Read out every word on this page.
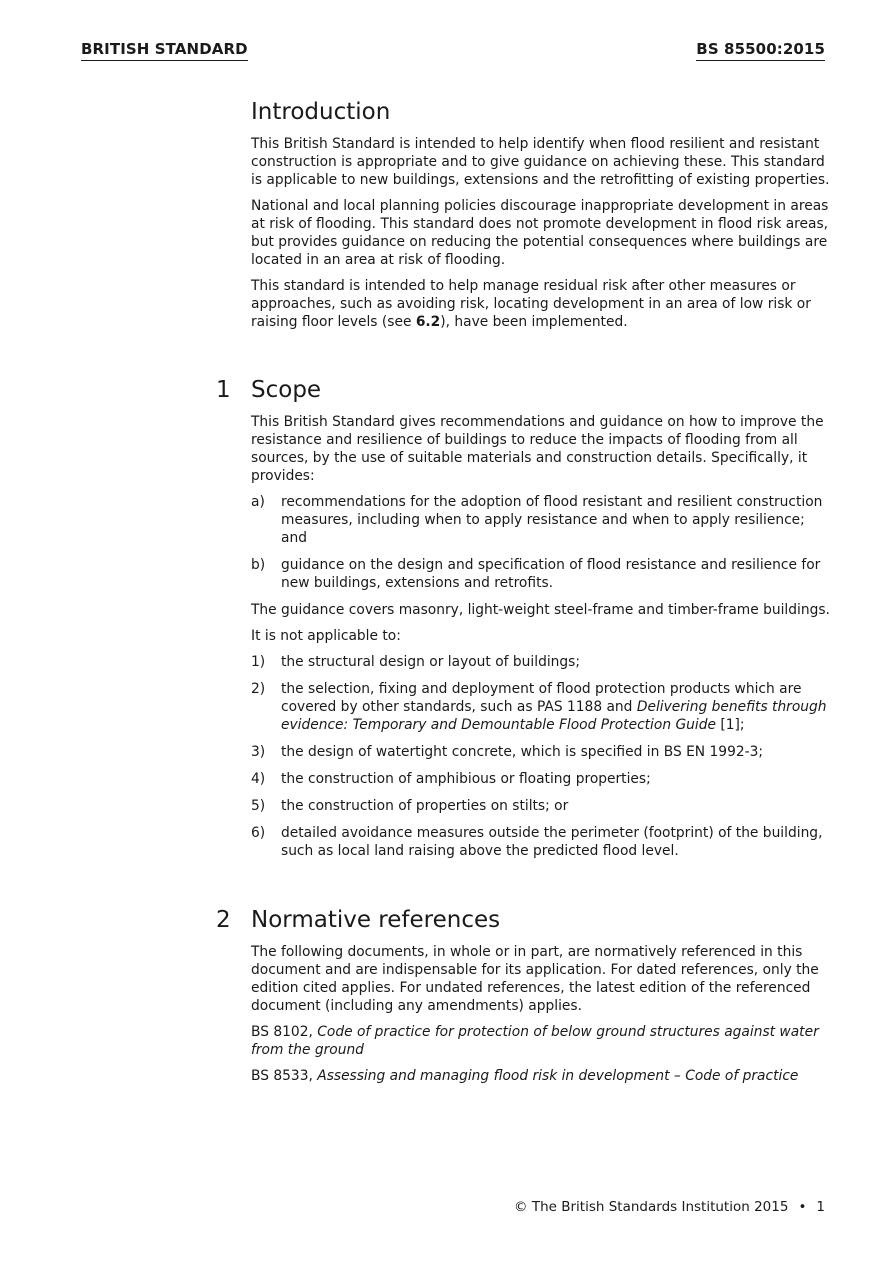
BRITISH STANDARD	BS 85500:2015
Introduction

This British Standard is intended to help identify when flood resilient and resistant construction is appropriate and to give guidance on achieving these. This standard is applicable to new buildings, extensions and the retrofitting of existing properties.

National and local planning policies discourage inappropriate development in areas at risk of flooding. This standard does not promote development in flood risk areas, but provides guidance on reducing the potential consequences where buildings are located in an area at risk of flooding.

This standard is intended to help manage residual risk after other measures or approaches, such as avoiding risk, locating development in an area of low risk or raising floor levels (see 6.2), have been implemented.

1 Scope

This British Standard gives recommendations and guidance on how to improve the resistance and resilience of buildings to reduce the impacts of flooding from all sources, by the use of suitable materials and construction details. Specifically, it provides:

a) recommendations for the adoption of flood resistant and resilient construction measures, including when to apply resistance and when to apply resilience; and
b) guidance on the design and specification of flood resistance and resilience for new buildings, extensions and retrofits.

The guidance covers masonry, light-weight steel-frame and timber-frame buildings.

It is not applicable to:

1) the structural design or layout of buildings;
2) the selection, fixing and deployment of flood protection products which are covered by other standards, such as PAS 1188 and Delivering benefits through evidence: Temporary and Demountable Flood Protection Guide [1];
3) the design of watertight concrete, which is specified in BS EN 1992-3;
4) the construction of amphibious or floating properties;
5) the construction of properties on stilts; or
6) detailed avoidance measures outside the perimeter (footprint) of the building, such as local land raising above the predicted flood level.
2 Normative references

The following documents, in whole or in part, are normatively referenced in this document and are indispensable for its application. For dated references, only the edition cited applies. For undated references, the latest edition of the referenced document (including any amendments) applies.

BS 8102, Code of practice for protection of below ground structures against water from the ground

BS 8533, Assessing and managing flood risk in development – Code of practice

© The British Standards Institution 2015 • 1
